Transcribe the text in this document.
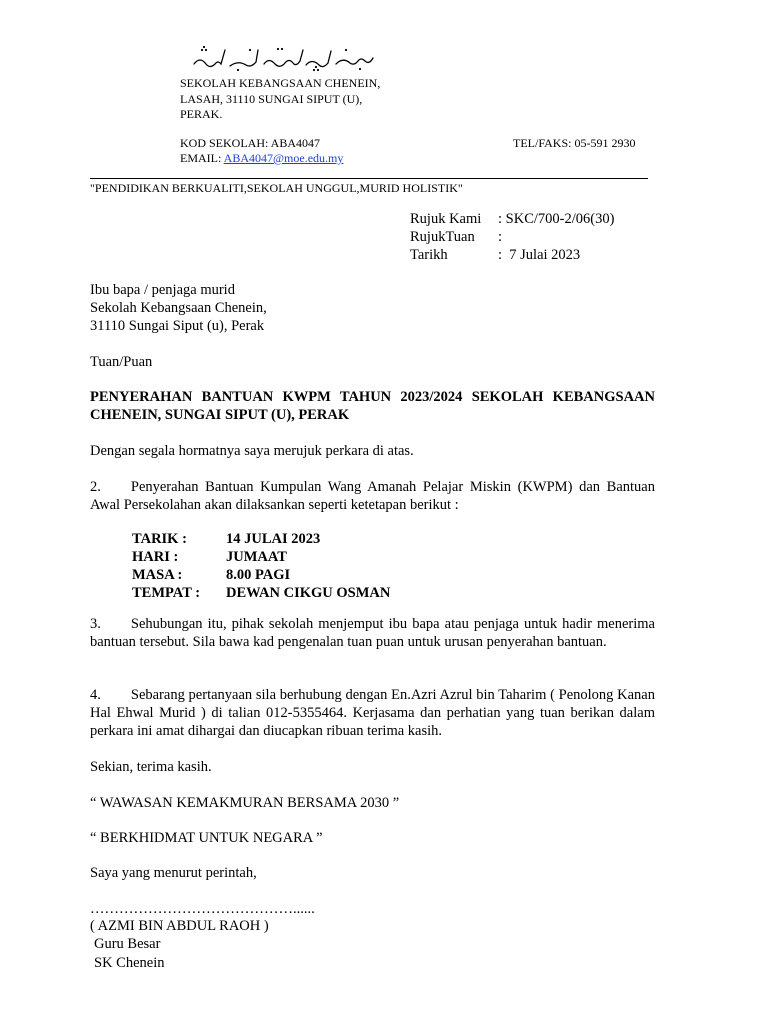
SEKOLAH KEBANGSAAN CHENEIN,
LASAH, 31110 SUNGAI SIPUT (U),
PERAK.
KOD SEKOLAH: ABA4047	TEL/FAKS: 05-591 2930
EMAIL: ABA4047@moe.edu.my
"PENDIDIKAN BERKUALITI,SEKOLAH UNGGUL,MURID HOLISTIK"
Rujuk Kami : SKC/700-2/06(30)
RujukTuan :
Tarikh	: 7 Julai 2023
Ibu bapa / penjaga murid
Sekolah Kebangsaan Chenein,
31110 Sungai Siput (u), Perak
Tuan/Puan
PENYERAHAN BANTUAN KWPM TAHUN 2023/2024 SEKOLAH KEBANGSAAN CHENEIN, SUNGAI SIPUT (U), PERAK
Dengan segala hormatnya saya merujuk perkara di atas.
2. Penyerahan Bantuan Kumpulan Wang Amanah Pelajar Miskin (KWPM) dan Bantuan Awal Persekolahan akan dilaksankan seperti ketetapan berikut :
TARIK :	14 JULAI 2023
HARI :	JUMAAT
MASA :	8.00 PAGI
TEMPAT : DEWAN CIKGU OSMAN
3. Sehubungan itu, pihak sekolah menjemput ibu bapa atau penjaga untuk hadir menerima bantuan tersebut. Sila bawa kad pengenalan tuan puan untuk urusan penyerahan bantuan.
4. Sebarang pertanyaan sila berhubung dengan En.Azri Azrul bin Taharim ( Penolong Kanan Hal Ehwal Murid ) di talian 012-5355464. Kerjasama dan perhatian yang tuan berikan dalam perkara ini amat dihargai dan diucapkan ribuan terima kasih.
Sekian, terima kasih.
“ WAWASAN KEMAKMURAN BERSAMA 2030 ”
“ BERKHIDMAT UNTUK NEGARA ”
Saya yang menurut perintah,
……………………………………......
( AZMI BIN ABDUL RAOH )
Guru Besar
SK Chenein
